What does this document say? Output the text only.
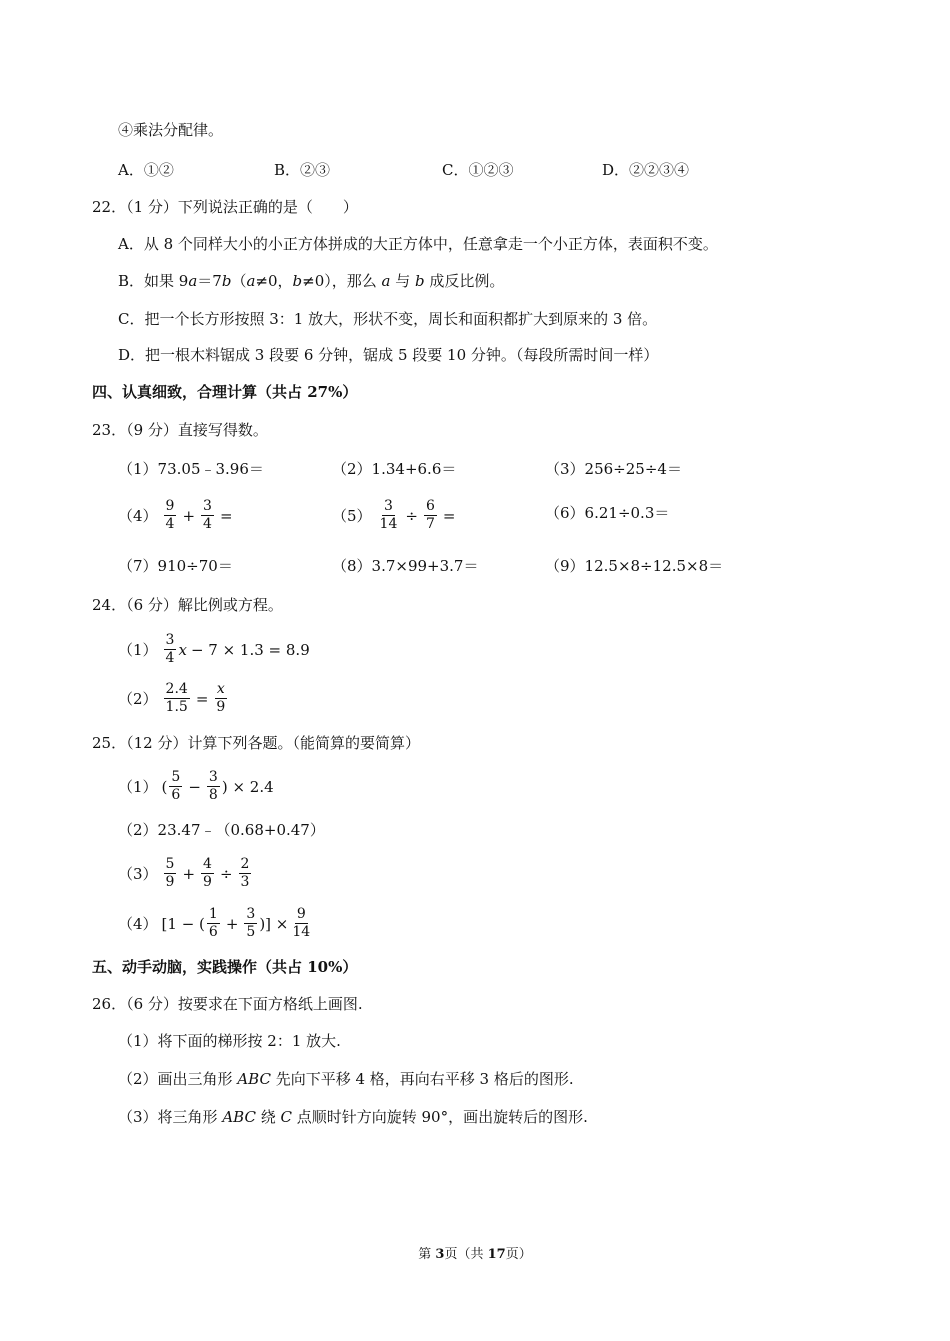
④乘法分配律。
A．①②	B．②③	C．①②③	D．②②③④
22．（1 分）下列说法正确的是（　　）
A．从 8 个同样大小的小正方体拼成的大正方体中，任意拿走一个小正方体，表面积不变。
B．如果 9a＝7b（a≠0，b≠0），那么 a 与 b 成反比例。
C．把一个长方形按照 3：1 放大，形状不变，周长和面积都扩大到原来的 3 倍。
D．把一根木料锯成 3 段要 6 分钟，锯成 5 段要 10 分钟。（每段所需时间一样）
四、认真细致，合理计算（共占 27%）
23．（9 分）直接写得数。
（1）73.05﹣3.96＝	（2）1.34+6.6＝	（3）256÷25÷4＝
$(4) \frac{9}{4} + \frac{3}{4}$ =	$(5) \frac{3}{14} \div \frac{6}{7}$ =	（6）6.21÷0.3＝
（7）910÷70＝	（8）3.7×99+3.7＝	（9）12.5×8÷12.5×8＝
24．（6 分）解比例或方程。
$(1) \frac{3}{4}$ x − 7 × 1.3 = 8.9
$(2) \frac{2.4}{1.5} = \frac{x}{9}$
25．（12 分）计算下列各题。（能简算的要简算）
（1） ( $\frac{5}{6} - \frac{3}{8}$ ) × 2.4
（2）23.47﹣（0.68+0.47）
$(3) \frac{5}{9} + \frac{4}{9} \div \frac{2}{3}$
（4） [1 − ( $\frac{1}{6} + \frac{3}{5}$ )] × $\frac{9}{14}$
五、动手动脑，实践操作（共占 10%）
26．（6 分）按要求在下面方格纸上画图.
（1）将下面的梯形按 2：1 放大.
（2）画出三角形 ABC 先向下平移 4 格，再向右平移 3 格后的图形.
（3）将三角形 ABC 绕 C 点顺时针方向旋转 90°，画出旋转后的图形.
第 3页（共 17页）
